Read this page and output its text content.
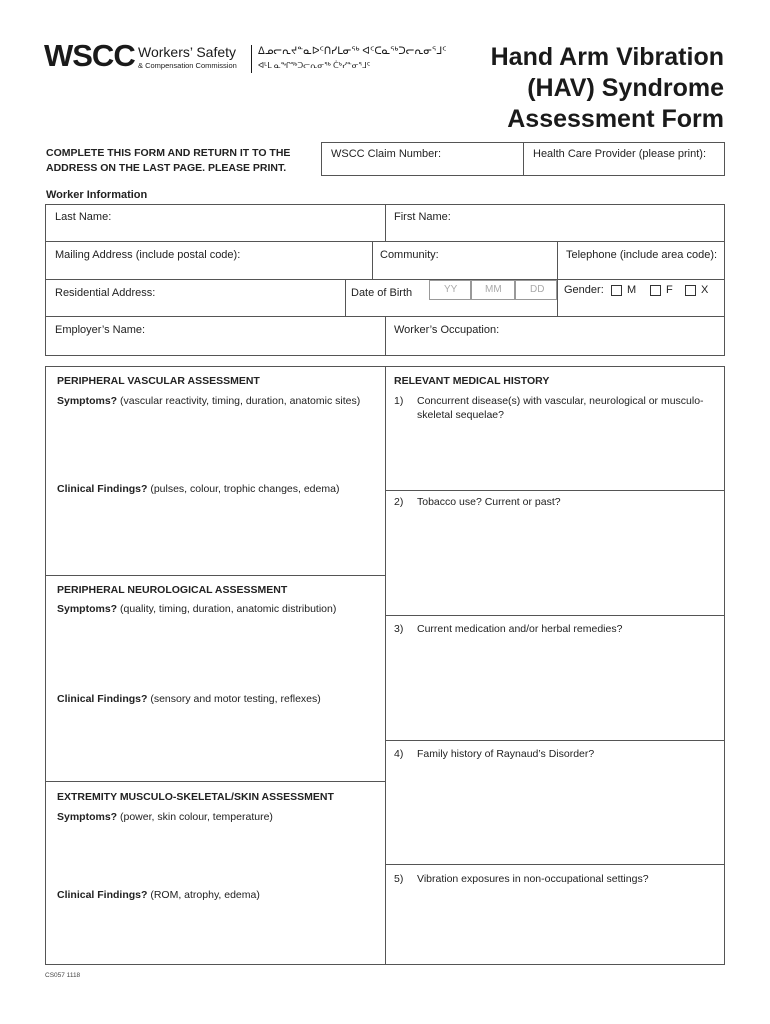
WSCC Workers’ Safety
& Compensation Commission
ᐃᓄᓕᕆᔪᓐᓇᐅᑦᑎᓯᒪᓂᖅ ᐊᑦᑕᓇᖅᑐᓕᕆᓂᕐᒧᑦ
ᐊᒻᒪ ᓇᖏᖅᑐᓕᕆᓂᖅ ᑖᒃᓯᓐᓂᕐᒧᑦ	Hand Arm Vibration
(HAV) Syndrome
Assessment Form
COMPLETE THIS FORM AND RETURN IT TO THE ADDRESS ON THE LAST PAGE. PLEASE PRINT.
WSCC Claim Number:	Health Care Provider (please print):
Worker Information
Last Name:	First Name:
Mailing Address (include postal code):	Community:	Telephone (include area code):
Residential Address:	Date of Birth	YY	MM	DD Gender: M	F	X
Employer’s Name:	Worker’s Occupation:
PERIPHERAL VASCULAR ASSESSMENT
Symptoms? (vascular reactivity, timing, duration, anatomic sites)
Clinical Findings? (pulses, colour, trophic changes, edema)
PERIPHERAL NEUROLOGICAL ASSESSMENT
Symptoms? (quality, timing, duration, anatomic distribution)
Clinical Findings? (sensory and motor testing, reflexes)
EXTREMITY MUSCULO-SKELETAL/SKIN ASSESSMENT
Symptoms? (power, skin colour, temperature)
Clinical Findings? (ROM, atrophy, edema)
RELEVANT MEDICAL HISTORY
1) Concurrent disease(s) with vascular, neurological or musculo-skeletal sequelae?
2) Tobacco use? Current or past?
3) Current medication and/or herbal remedies?
4) Family history of Raynaud’s Disorder?
5) Vibration exposures in non-occupational settings?
CS057 1118
